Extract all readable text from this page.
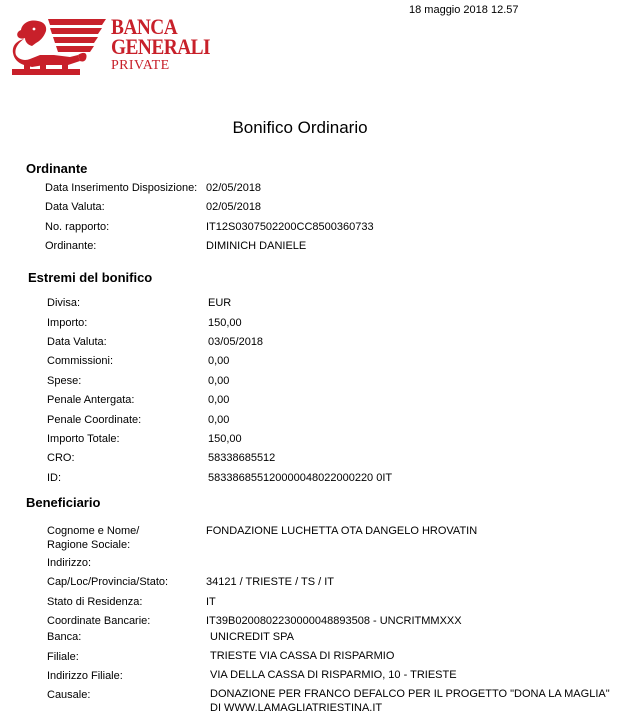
BANCA
GENERALI
PRIVATE
18 maggio 2018 12.57
Bonifico Ordinario
Ordinante
Data Inserimento Disposizione: 02/05/2018
Data Valuta:	02/05/2018
No. rapporto:	IT12S0307502200CC8500360733
Ordinante:	DIMINICH DANIELE
Estremi del bonifico
Divisa:	EUR
Importo:	150,00
Data Valuta:	03/05/2018
Commissioni:	0,00
Spese:	0,00
Penale Antergata:	0,00
Penale Coordinate:	0,00
Importo Totale:	150,00
CRO:	58338685512
ID:	583386855120000048022000220 0IT
Beneficiario
Cognome e Nome/
Ragione Sociale:
FONDAZIONE LUCHETTA OTA DANGELO HROVATIN
Indirizzo:
Cap/Loc/Provincia/Stato:	34121 / TRIESTE / TS / IT
Stato di Residenza:	IT
Coordinate Bancarie:	IT39B0200802230000048893508 - UNCRITMMXXX
Banca:	UNICREDIT SPA
Filiale:	TRIESTE VIA CASSA DI RISPARMIO
Indirizzo Filiale:	VIA DELLA CASSA DI RISPARMIO, 10 - TRIESTE
Causale:	DONAZIONE PER FRANCO DEFALCO PER IL PROGETTO "DONA LA MAGLIA"
DI WWW.LAMAGLIATRIESTINA.IT
